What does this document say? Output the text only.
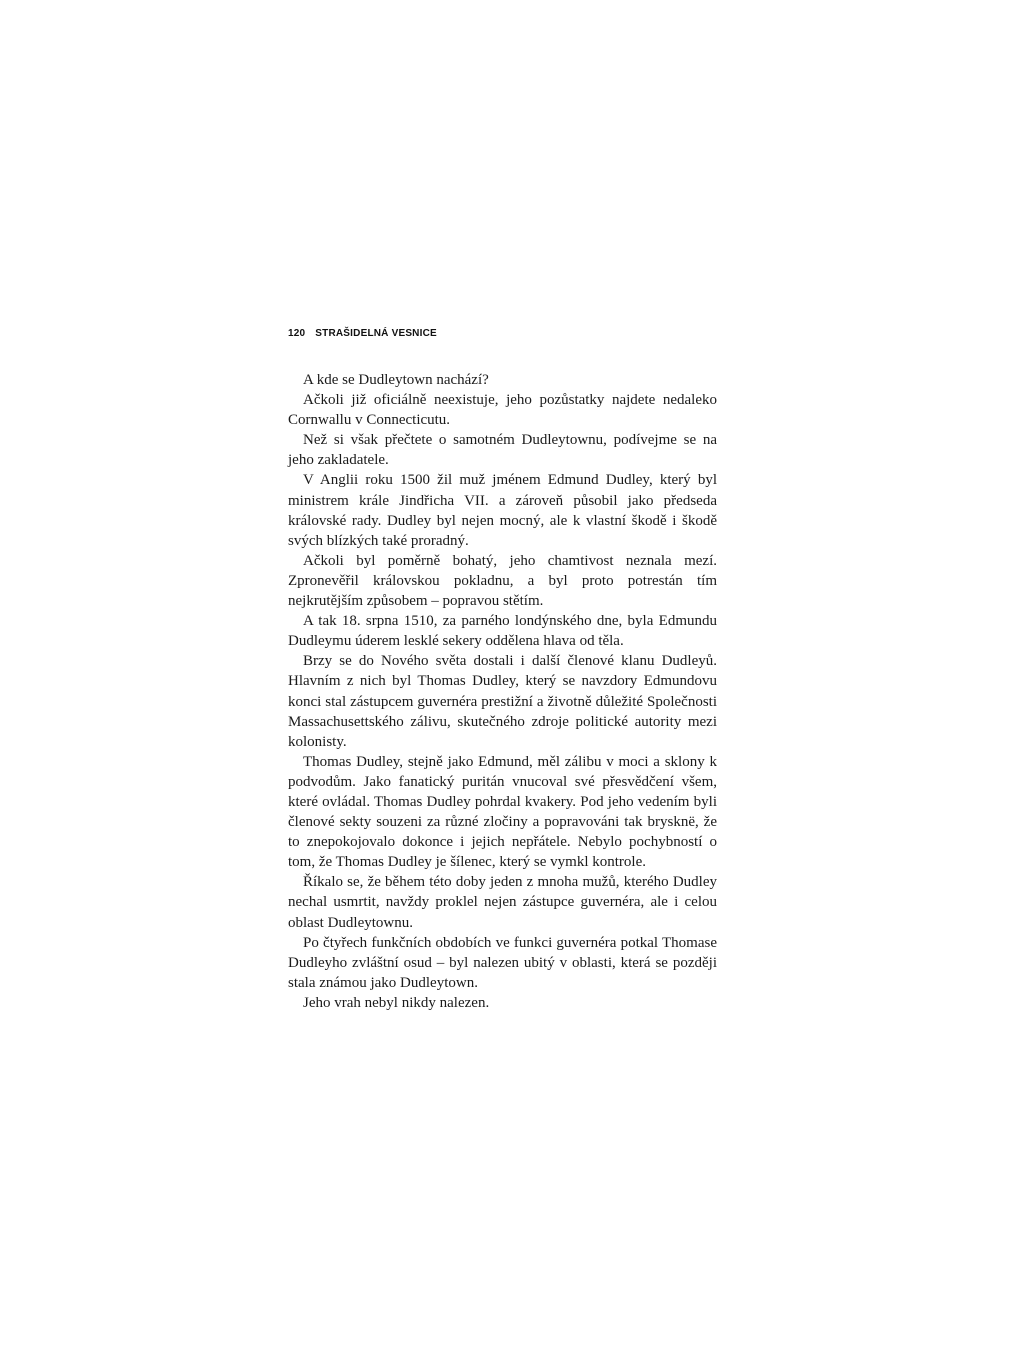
120 STRAŠIDELNÁ VESNICE

A kde se Dudleytown nachází?

Ačkoli již oficiálně neexistuje, jeho pozůstatky najdete nedaleko Cornwallu v Connecticutu.

Než si však přečtete o samotném Dudleytownu, podívejme se na jeho zakladatele.

V Anglii roku 1500 žil muž jménem Edmund Dudley, který byl ministrem krále Jindřicha VII. a zároveň působil jako předseda královské rady. Dudley byl nejen mocný, ale k vlastní škodě i škodě svých blízkých také proradný.

Ačkoli byl poměrně bohatý, jeho chamtivost neznala mezí. Zpronevěřil královskou pokladnu, a byl proto potrestán tím nejkrutějším způsobem – popravou stětím.

A tak 18. srpna 1510, za parného londýnského dne, byla Edmundu Dudleymu úderem lesklé sekery oddělena hlava od těla.

Brzy se do Nového světa dostali i další členové klanu Dudleyů. Hlavním z nich byl Thomas Dudley, který se navzdory Edmundovu konci stal zástupcem guvernéra prestižní a životně důležité Společnosti Massachusettského zálivu, skutečného zdroje politické autority mezi kolonisty.

Thomas Dudley, stejně jako Edmund, měl zálibu v moci a sklony k podvodům. Jako fanatický puritán vnucoval své přesvědčení všem, které ovládal. Thomas Dudley pohrdal kvakery. Pod jeho vedením byli členové sekty souzeni za různé zločiny a popravováni tak brysknë, že to znepokojovalo dokonce i jejich nepřátele. Nebylo pochybností o tom, že Thomas Dudley je šílenec, který se vymkl kontrole.

Říkalo se, že během této doby jeden z mnoha mužů, kterého Dudley nechal usmrtit, navždy proklel nejen zástupce guvernéra, ale i celou oblast Dudleytownu.

Po čtyřech funkčních obdobích ve funkci guvernéra potkal Thomase Dudleyho zvláštní osud – byl nalezen ubitý v oblasti, která se později stala známou jako Dudleytown.

Jeho vrah nebyl nikdy nalezen.
